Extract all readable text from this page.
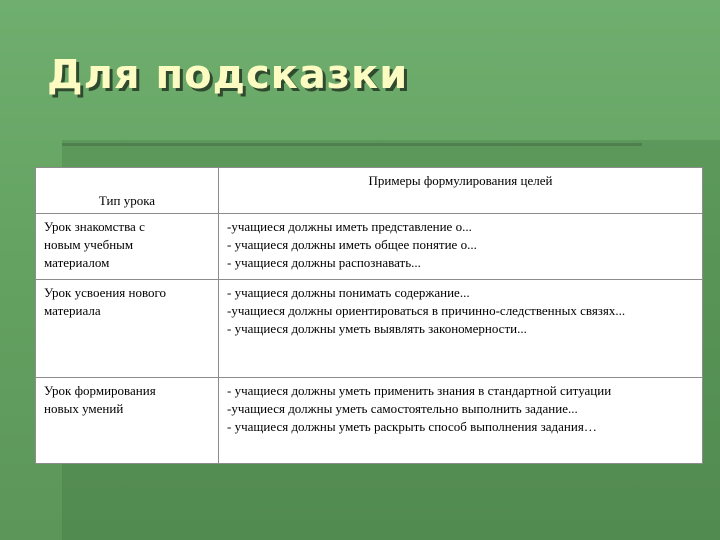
Для подсказки
Тип урока	Примеры формулирования целей

Урок знакомства с
новым учебным
материалом	-учащиеся должны иметь представление о...
- учащиеся должны иметь общее понятие о...
- учащиеся должны распознавать...

Урок усвоения нового
материала	- учащиеся должны понимать содержание...
-учащиеся должны ориентироваться в причинно-следственных связях...
- учащиеся должны уметь выявлять закономерности...

Урок формирования
новых умений	- учащиеся должны уметь применить знания в стандартной ситуации
-учащиеся должны уметь самостоятельно выполнить задание...
- учащиеся должны уметь раскрыть способ выполнения задания…
